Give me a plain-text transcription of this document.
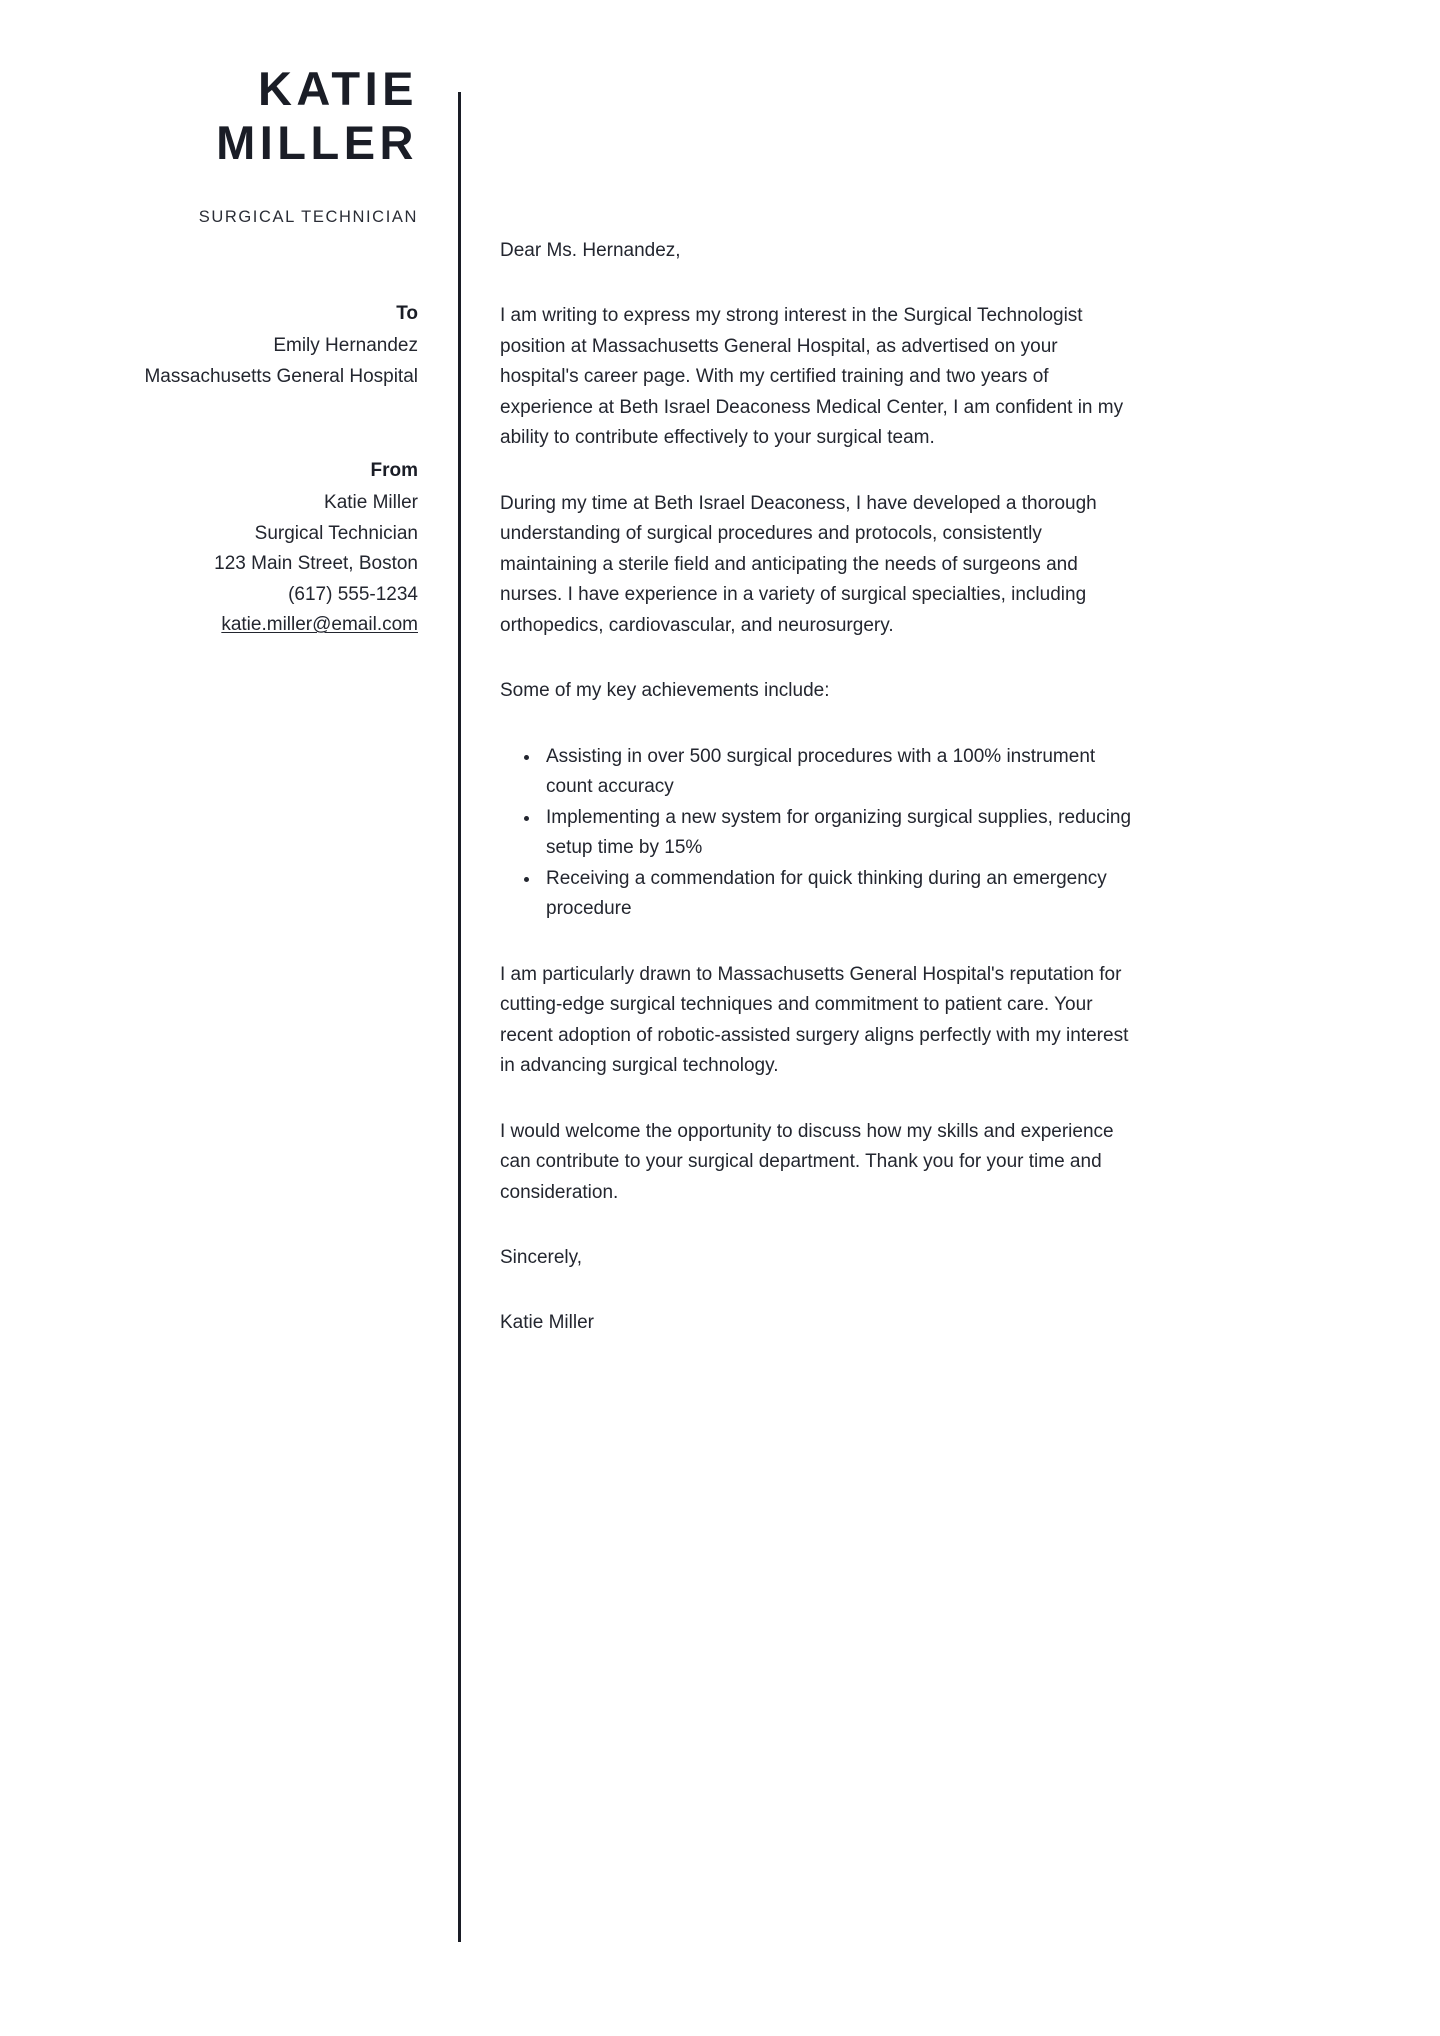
KATIE
MILLER
SURGICAL TECHNICIAN
To
Emily Hernandez
Massachusetts General Hospital
From
Katie Miller
Surgical Technician
123 Main Street, Boston
(617) 555-1234
katie.miller@email.com

Dear Ms. Hernandez,

I am writing to express my strong interest in the Surgical Technologist position at Massachusetts General Hospital, as advertised on your hospital's career page. With my certified training and two years of experience at Beth Israel Deaconess Medical Center, I am confident in my ability to contribute effectively to your surgical team.

During my time at Beth Israel Deaconess, I have developed a thorough understanding of surgical procedures and protocols, consistently maintaining a sterile field and anticipating the needs of surgeons and nurses. I have experience in a variety of surgical specialties, including orthopedics, cardiovascular, and neurosurgery.

Some of my key achievements include:

Assisting in over 500 surgical procedures with a 100% instrument count accuracy
Implementing a new system for organizing surgical supplies, reducing setup time by 15%
Receiving a commendation for quick thinking during an emergency procedure

I am particularly drawn to Massachusetts General Hospital's reputation for cutting-edge surgical techniques and commitment to patient care. Your recent adoption of robotic-assisted surgery aligns perfectly with my interest in advancing surgical technology.

I would welcome the opportunity to discuss how my skills and experience can contribute to your surgical department. Thank you for your time and consideration.

Sincerely,

Katie Miller
